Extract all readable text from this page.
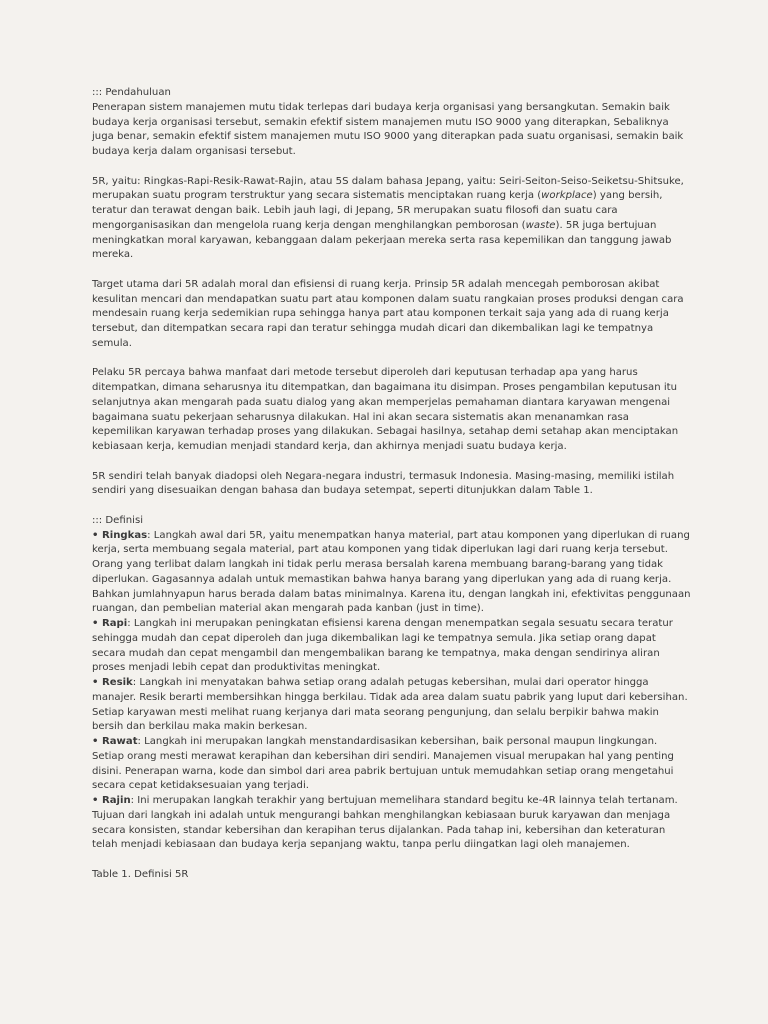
::: Pendahuluan

Penerapan sistem manajemen mutu tidak terlepas dari budaya kerja organisasi yang bersangkutan. Semakin baik budaya kerja organisasi tersebut, semakin efektif sistem manajemen mutu ISO 9000 yang diterapkan, Sebaliknya juga benar, semakin efektif sistem manajemen mutu ISO 9000 yang diterapkan pada suatu organisasi, semakin baik budaya kerja dalam organisasi tersebut.

5R, yaitu: Ringkas-Rapi-Resik-Rawat-Rajin, atau 5S dalam bahasa Jepang, yaitu: Seiri-Seiton-Seiso-Seiketsu-Shitsuke, merupakan suatu program terstruktur yang secara sistematis menciptakan ruang kerja (workplace) yang bersih, teratur dan terawat dengan baik. Lebih jauh lagi, di Jepang, 5R merupakan suatu filosofi dan suatu cara mengorganisasikan dan mengelola ruang kerja dengan menghilangkan pemborosan (waste). 5R juga bertujuan meningkatkan moral karyawan, kebanggaan dalam pekerjaan mereka serta rasa kepemilikan dan tanggung jawab mereka.

Target utama dari 5R adalah moral dan efisiensi di ruang kerja. Prinsip 5R adalah mencegah pemborosan akibat kesulitan mencari dan mendapatkan suatu part atau komponen dalam suatu rangkaian proses produksi dengan cara mendesain ruang kerja sedemikian rupa sehingga hanya part atau komponen terkait saja yang ada di ruang kerja tersebut, dan ditempatkan secara rapi dan teratur sehingga mudah dicari dan dikembalikan lagi ke tempatnya semula.

Pelaku 5R percaya bahwa manfaat dari metode tersebut diperoleh dari keputusan terhadap apa yang harus ditempatkan, dimana seharusnya itu ditempatkan, dan bagaimana itu disimpan. Proses pengambilan keputusan itu selanjutnya akan mengarah pada suatu dialog yang akan memperjelas pemahaman diantara karyawan mengenai bagaimana suatu pekerjaan seharusnya dilakukan. Hal ini akan secara sistematis akan menanamkan rasa kepemilikan karyawan terhadap proses yang dilakukan. Sebagai hasilnya, setahap demi setahap akan menciptakan kebiasaan kerja, kemudian menjadi standard kerja, dan akhirnya menjadi suatu budaya kerja.

5R sendiri telah banyak diadopsi oleh Negara-negara industri, termasuk Indonesia. Masing-masing, memiliki istilah sendiri yang disesuaikan dengan bahasa dan budaya setempat, seperti ditunjukkan dalam Table 1.

::: Definisi
• Ringkas: Langkah awal dari 5R, yaitu menempatkan hanya material, part atau komponen yang diperlukan di ruang kerja, serta membuang segala material, part atau komponen yang tidak diperlukan lagi dari ruang kerja tersebut. Orang yang terlibat dalam langkah ini tidak perlu merasa bersalah karena membuang barang-barang yang tidak diperlukan. Gagasannya adalah untuk memastikan bahwa hanya barang yang diperlukan yang ada di ruang kerja. Bahkan jumlahnyapun harus berada dalam batas minimalnya. Karena itu, dengan langkah ini, efektivitas penggunaan ruangan, dan pembelian material akan mengarah pada kanban (just in time).
• Rapi: Langkah ini merupakan peningkatan efisiensi karena dengan menempatkan segala sesuatu secara teratur sehingga mudah dan cepat diperoleh dan juga dikembalikan lagi ke tempatnya semula. Jika setiap orang dapat secara mudah dan cepat mengambil dan mengembalikan barang ke tempatnya, maka dengan sendirinya aliran proses menjadi lebih cepat dan produktivitas meningkat.
• Resik: Langkah ini menyatakan bahwa setiap orang adalah petugas kebersihan, mulai dari operator hingga manajer. Resik berarti membersihkan hingga berkilau. Tidak ada area dalam suatu pabrik yang luput dari kebersihan. Setiap karyawan mesti melihat ruang kerjanya dari mata seorang pengunjung, dan selalu berpikir bahwa makin bersih dan berkilau maka makin berkesan.
• Rawat: Langkah ini merupakan langkah menstandardisasikan kebersihan, baik personal maupun lingkungan. Setiap orang mesti merawat kerapihan dan kebersihan diri sendiri. Manajemen visual merupakan hal yang penting disini. Penerapan warna, kode dan simbol dari area pabrik bertujuan untuk memudahkan setiap orang mengetahui secara cepat ketidaksesuaian yang terjadi.

• Rajin: Ini merupakan langkah terakhir yang bertujuan memelihara standard begitu ke-4R lainnya telah tertanam. Tujuan dari langkah ini adalah untuk mengurangi bahkan menghilangkan kebiasaan buruk karyawan dan menjaga secara konsisten, standar kebersihan dan kerapihan terus dijalankan. Pada tahap ini, kebersihan dan keteraturan telah menjadi kebiasaan dan budaya kerja sepanjang waktu, tanpa perlu diingatkan lagi oleh manajemen.

Table 1. Definisi 5R
